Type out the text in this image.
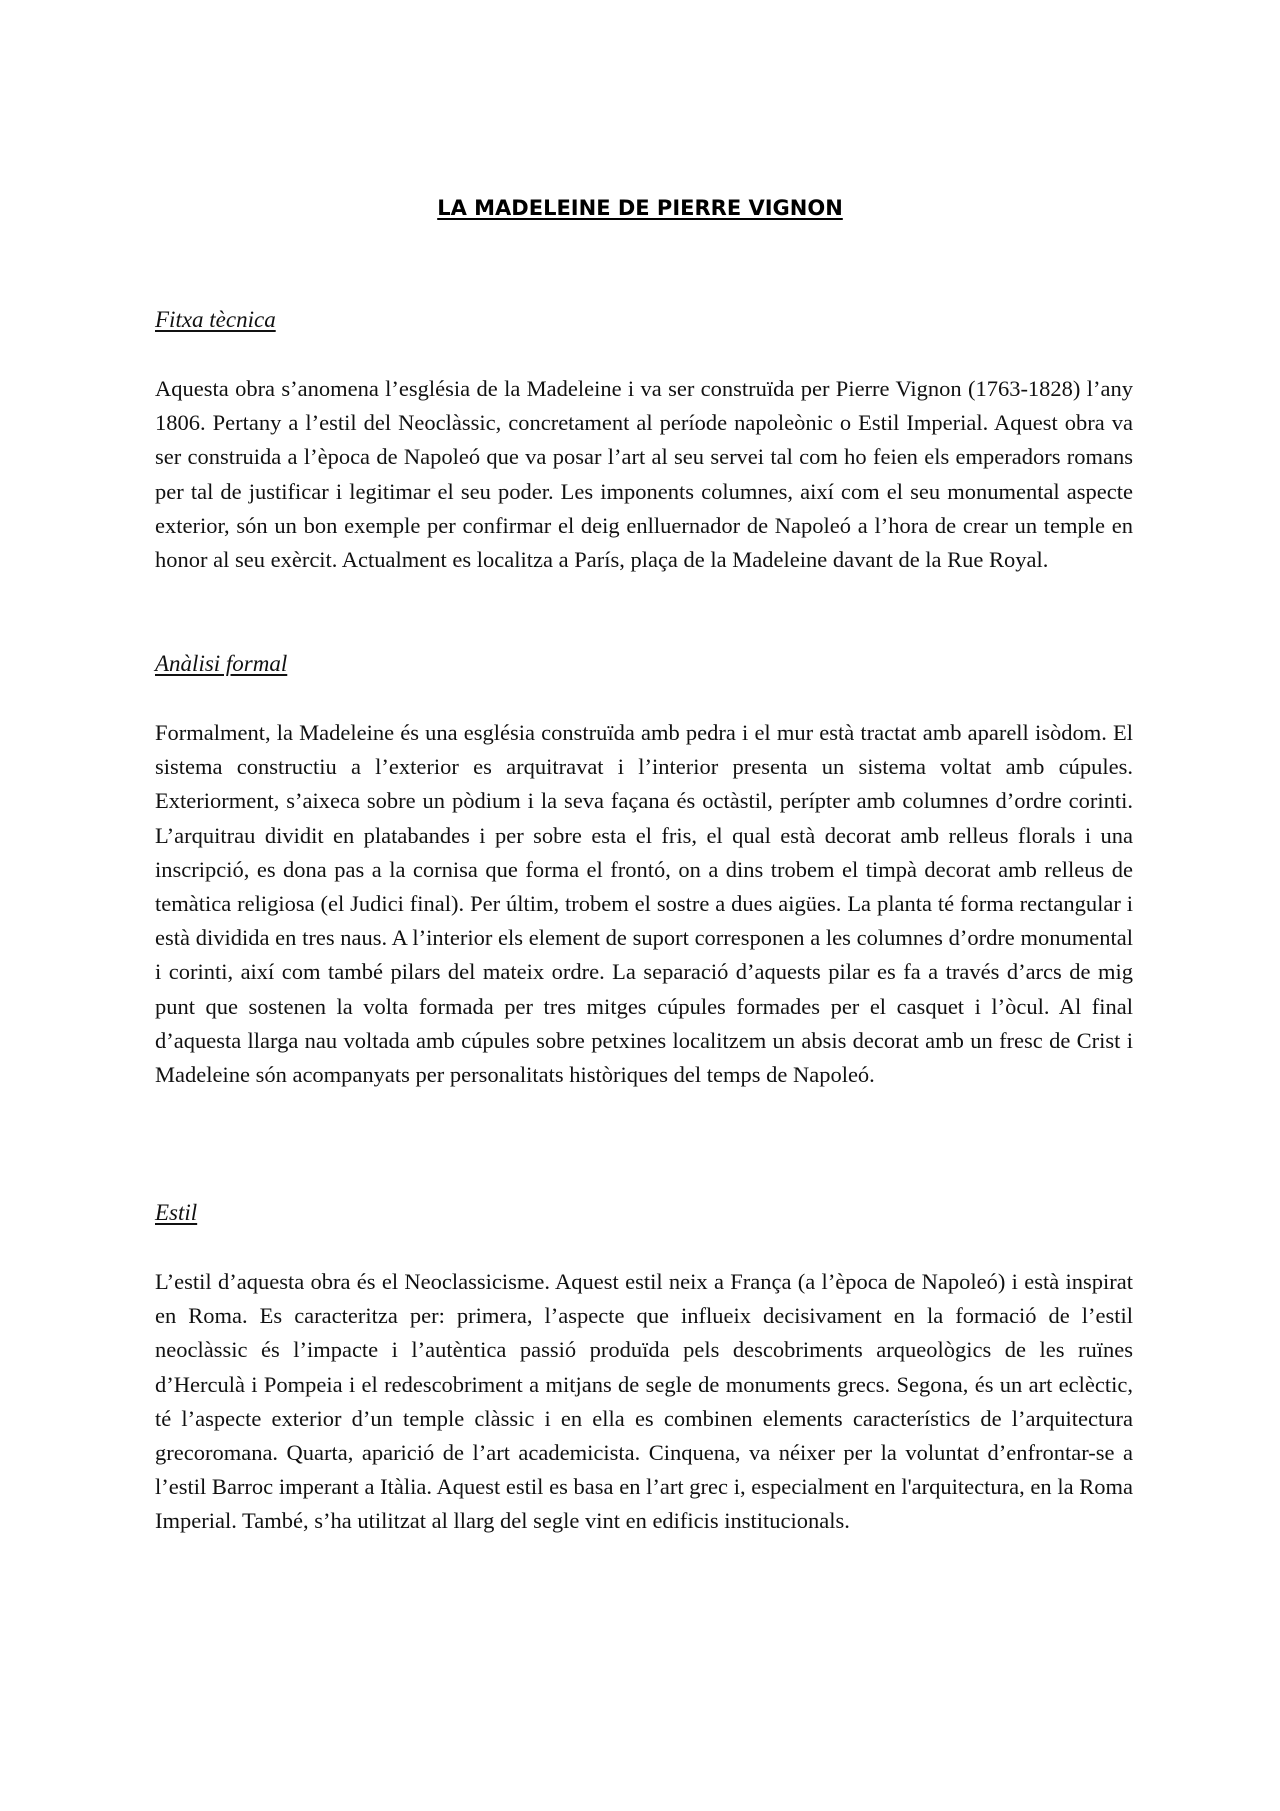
LA MADELEINE DE PIERRE VIGNON

Fitxa tècnica

Aquesta obra s’anomena l’església de la Madeleine i va ser construïda per Pierre Vignon (1763-1828) l’any 1806. Pertany a l’estil del Neoclàssic, concretament al període napoleònic o Estil Imperial. Aquest obra va ser construida a l’època de Napoleó que va posar l’art al seu servei tal com ho feien els emperadors romans per tal de justificar i legitimar el seu poder. Les imponents columnes, així com el seu monumental aspecte exterior, són un bon exemple per confirmar el deig enlluernador de Napoleó a l’hora de crear un temple en honor al seu exèrcit. Actualment es localitza a París, plaça de la Madeleine davant de la Rue Royal.

Anàlisi formal

Formalment, la Madeleine és una església construïda amb pedra i el mur està tractat amb aparell isòdom. El sistema constructiu a l’exterior es arquitravat i l’interior presenta un sistema voltat amb cúpules. Exteriorment, s’aixeca sobre un pòdium i la seva façana és octàstil, perípter amb columnes d’ordre corinti. L’arquitrau dividit en platabandes i per sobre esta el fris, el qual està decorat amb relleus florals i una inscripció, es dona pas a la cornisa que forma el frontó, on a dins trobem el timpà decorat amb relleus de temàtica religiosa (el Judici final). Per últim, trobem el sostre a dues aigües. La planta té forma rectangular i està dividida en tres naus. A l’interior els element de suport corresponen a les columnes d’ordre monumental i corinti, així com també pilars del mateix ordre. La separació d’aquests pilar es fa a través d’arcs de mig punt que sostenen la volta formada per tres mitges cúpules formades per el casquet i l’òcul. Al final d’aquesta llarga nau voltada amb cúpules sobre petxines localitzem un absis decorat amb un fresc de Crist i Madeleine són acompanyats per personalitats històriques del temps de Napoleó.

Estil

L’estil d’aquesta obra és el Neoclassicisme. Aquest estil neix a França (a l’època de Napoleó) i està inspirat en Roma. Es caracteritza per: primera, l’aspecte que influeix decisivament en la formació de l’estil neoclàssic és l’impacte i l’autèntica passió produïda pels descobriments arqueològics de les ruïnes d’Herculà i Pompeia i el redescobriment a mitjans de segle de monuments grecs. Segona, és un art eclèctic, té l’aspecte exterior d’un temple clàssic i en ella es combinen elements característics de l’arquitectura grecoromana. Quarta, aparició de l’art academicista. Cinquena, va néixer per la voluntat d’enfrontar-se a l’estil Barroc imperant a Itàlia. Aquest estil es basa en l’art grec i, especialment en l'arquitectura, en la Roma Imperial. També, s’ha utilitzat al llarg del segle vint en edificis institucionals.
